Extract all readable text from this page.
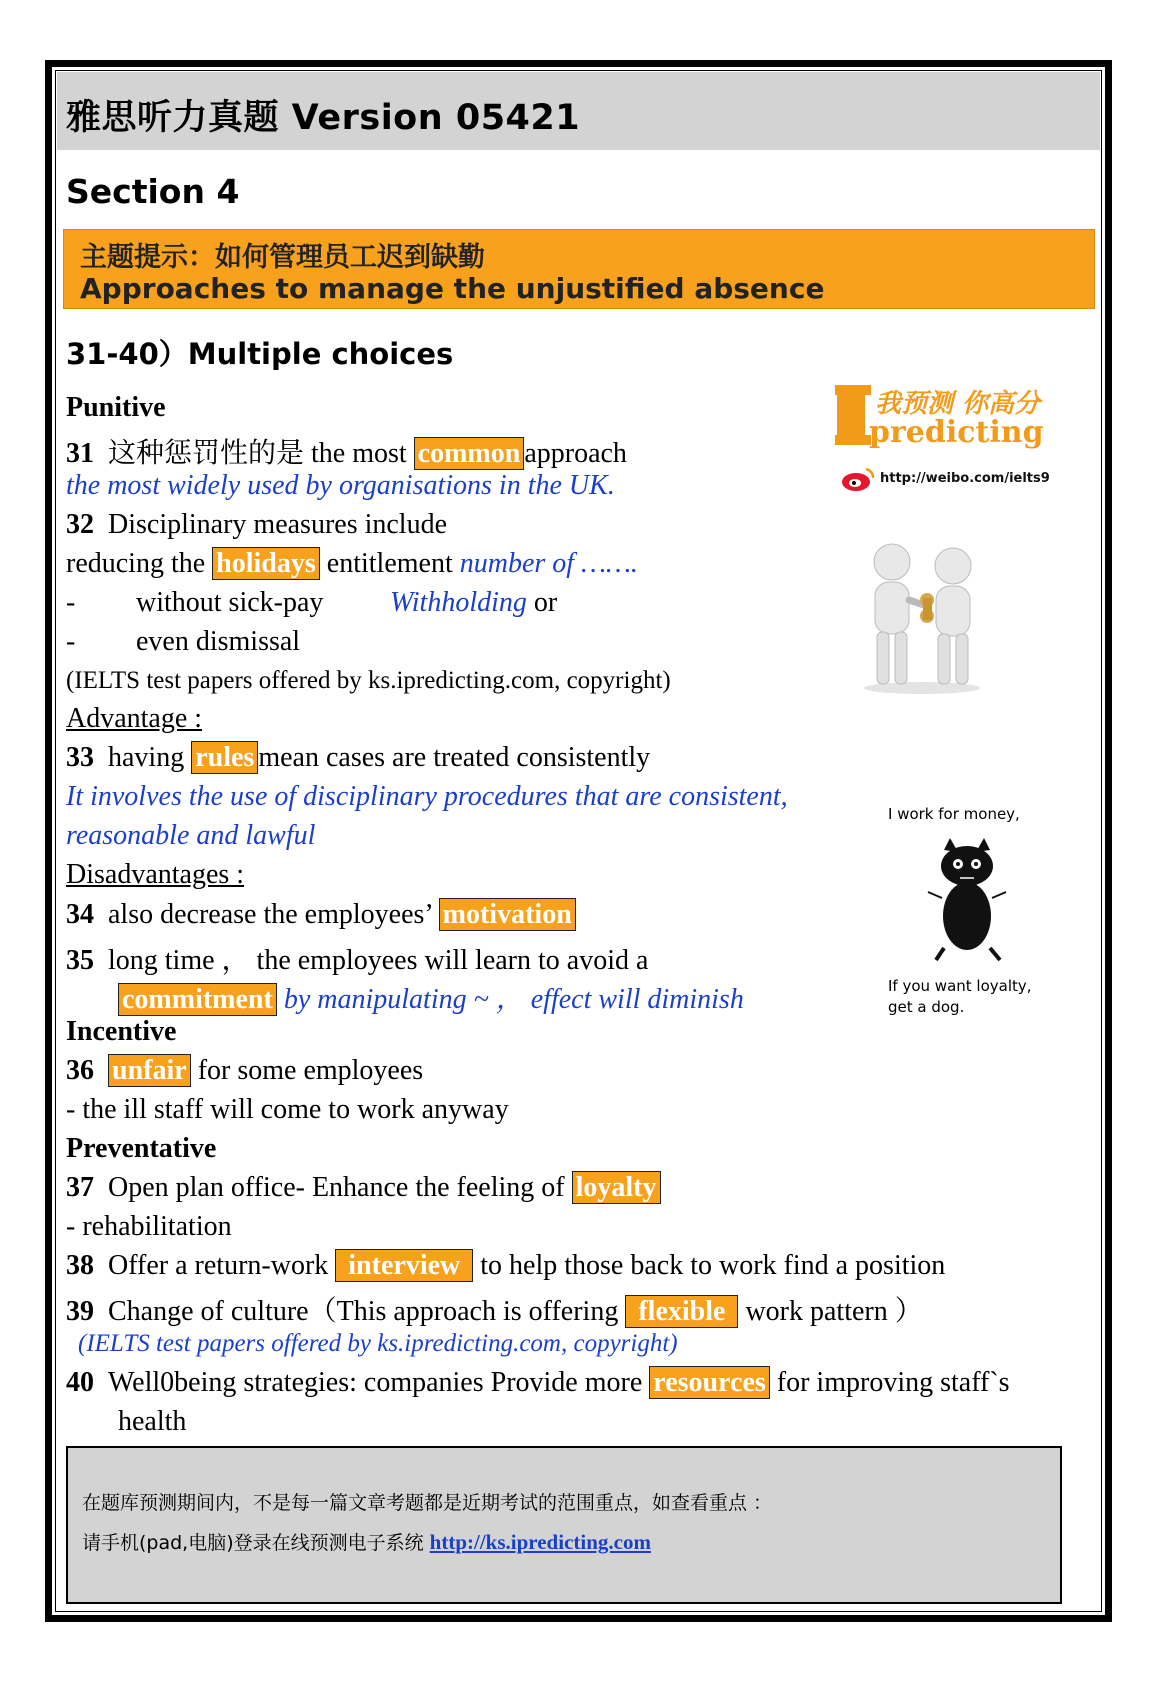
雅思听力真题 Version 05421
Section 4
主题提示：如何管理员工迟到缺勤
Approaches to manage the unjustified absence
31-40）Multiple choices
我预测 你高分
predicting
http://weibo.com/ielts9
I work for money,
If you want loyalty,
get a dog.
Punitive
31 这种惩罚性的是 the most common approach
the most widely used by organisations in the UK.
32 Disciplinary measures include
reducing the holidays entitlement number of …….
- without sick-pay Withholding or
- even dismissal
(IELTS test papers offered by ks.ipredicting.com, copyright)
Advantage :
33 having rules mean cases are treated consistently
It involves the use of disciplinary procedures that are consistent,
reasonable and lawful
Disadvantages :
34 also decrease the employees’ motivation
35 long time ， the employees will learn to avoid a
commitment by manipulating ~ ， effect will diminish
Incentive
36 unfair for some employees
- the ill staff will come to work anyway
Preventative
37 Open plan office- Enhance the feeling of loyalty
- rehabilitation
38 Offer a return-work interview to help those back to work find a position
39 Change of culture（This approach is offering flexible work pattern ）
(IELTS test papers offered by ks.ipredicting.com, copyright)
40 Well0being strategies: companies Provide more resources for improving staff`s
health
在题库预测期间内，不是每一篇文章考题都是近期考试的范围重点，如查看重点 ：
请手机(pad,电脑)登录在线预测电子系统 http://ks.ipredicting.com
